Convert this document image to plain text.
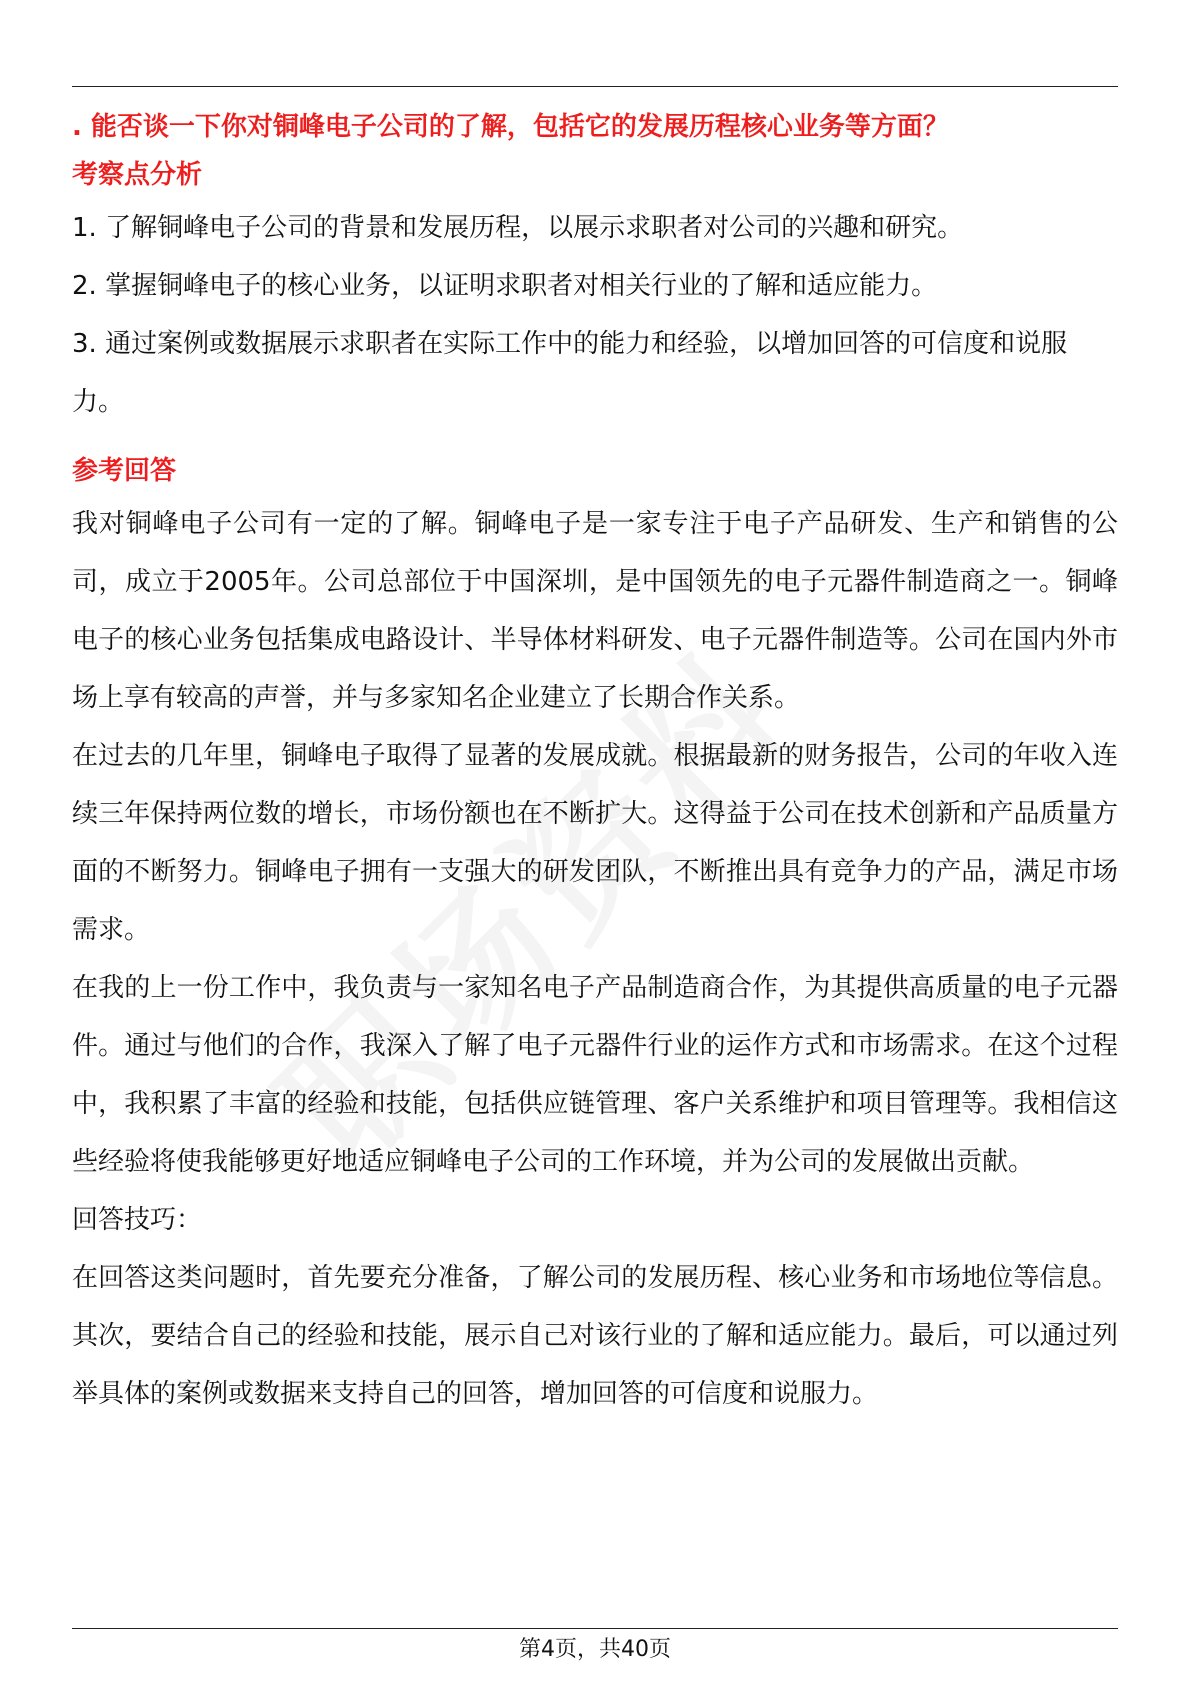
. 能否谈一下你对铜峰电子公司的了解，包括它的发展历程核心业务等方面？

考察点分析

1. 了解铜峰电子公司的背景和发展历程，以展示求职者对公司的兴趣和研究。

2. 掌握铜峰电子的核心业务，以证明求职者对相关行业的了解和适应能力。

3. 通过案例或数据展示求职者在实际工作中的能力和经验，以增加回答的可信度和说服力。

参考回答

我对铜峰电子公司有一定的了解。铜峰电子是一家专注于电子产品研发、生产和销售的公司，成立于2005年。公司总部位于中国深圳，是中国领先的电子元器件制造商之一。铜峰电子的核心业务包括集成电路设计、半导体材料研发、电子元器件制造等。公司在国内外市场上享有较高的声誉，并与多家知名企业建立了长期合作关系。

在过去的几年里，铜峰电子取得了显著的发展成就。根据最新的财务报告，公司的年收入连续三年保持两位数的增长，市场份额也在不断扩大。这得益于公司在技术创新和产品质量方面的不断努力。铜峰电子拥有一支强大的研发团队，不断推出具有竞争力的产品，满足市场需求。

在我的上一份工作中，我负责与一家知名电子产品制造商合作，为其提供高质量的电子元器件。通过与他们的合作，我深入了解了电子元器件行业的运作方式和市场需求。在这个过程中，我积累了丰富的经验和技能，包括供应链管理、客户关系维护和项目管理等。我相信这些经验将使我能够更好地适应铜峰电子公司的工作环境，并为公司的发展做出贡献。

回答技巧：

在回答这类问题时，首先要充分准备，了解公司的发展历程、核心业务和市场地位等信息。其次，要结合自己的经验和技能，展示自己对该行业的了解和适应能力。最后，可以通过列举具体的案例或数据来支持自己的回答，增加回答的可信度和说服力。

第4页，共40页
